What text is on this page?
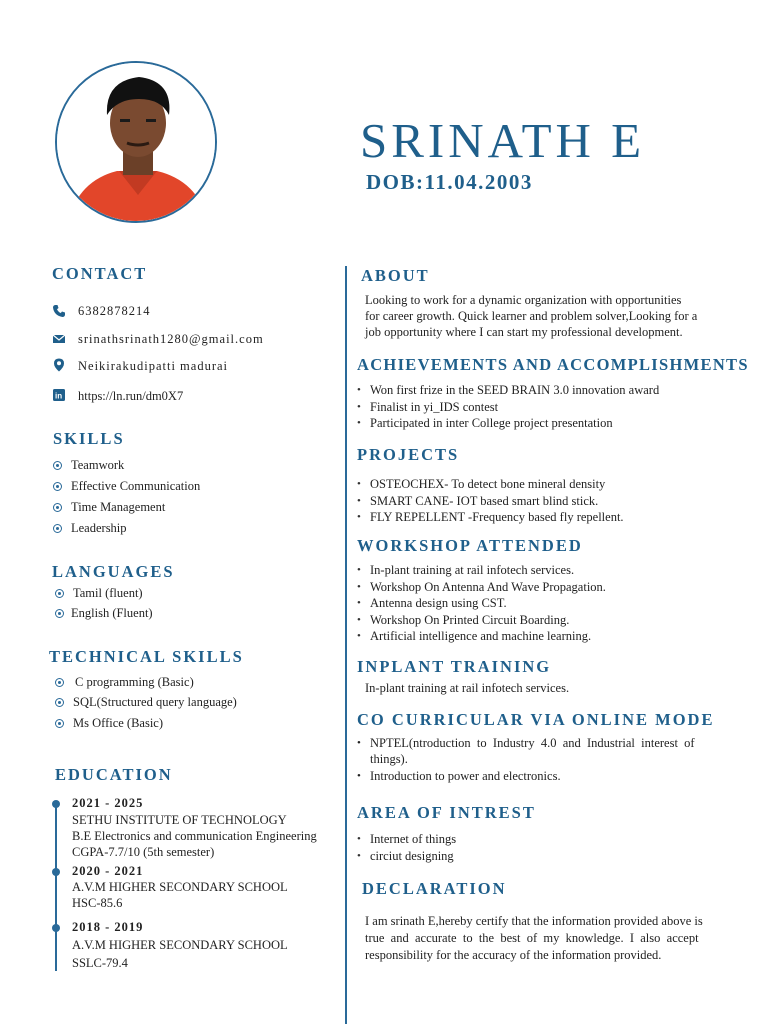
SRINATH E
DOB:11.04.2003
CONTACT
6382878214
srinathsrinath1280@gmail.com
Neikirakudipatti madurai
in https://ln.run/dm0X7
SKILLS
Teamwork
Effective Communication
Time Management
Leadership
LANGUAGES
Tamil (fluent)
English (Fluent)
TECHNICAL SKILLS
C programming (Basic)
SQL(Structured query language)
Ms Office (Basic)
EDUCATION
2021 - 2025
SETHU INSTITUTE OF TECHNOLOGY
B.E Electronics and communication Engineering
CGPA-7.7/10 (5th semester)
2020 - 2021
A.V.M HIGHER SECONDARY SCHOOL
HSC-85.6
2018 - 2019
A.V.M HIGHER SECONDARY SCHOOL
SSLC-79.4
ABOUT
Looking to work for a dynamic organization with opportunities
for career growth. Quick learner and problem solver,Looking for a
job opportunity where I can start my professional development.
ACHIEVEMENTS AND ACCOMPLISHMENTS
• Won first frize in the SEED BRAIN 3.0 innovation award
• Finalist in yi_IDS contest
• Participated in inter College project presentation
PROJECTS
• OSTEOCHEX- To detect bone mineral density
• SMART CANE- IOT based smart blind stick.
• FLY REPELLENT -Frequency based fly repellent.
WORKSHOP ATTENDED
• In-plant training at rail infotech services.
• Workshop On Antenna And Wave Propagation.
• Antenna design using CST.
• Workshop On Printed Circuit Boarding.
• Artificial intelligence and machine learning.
INPLANT TRAINING
In-plant training at rail infotech services.
CO CURRICULAR VIA ONLINE MODE
• NPTEL(ntroduction  to  Industry  4.0  and  Industrial  interest  of
things).
• Introduction to power and electronics.
AREA OF INTREST
• Internet of things
• circiut designing
DECLARATION
I am srinath E,hereby certify that the information provided above is
true  and  accurate  to  the  best  of  my  knowledge.  I  also  accept
responsibility for the accuracy of the information provided.
